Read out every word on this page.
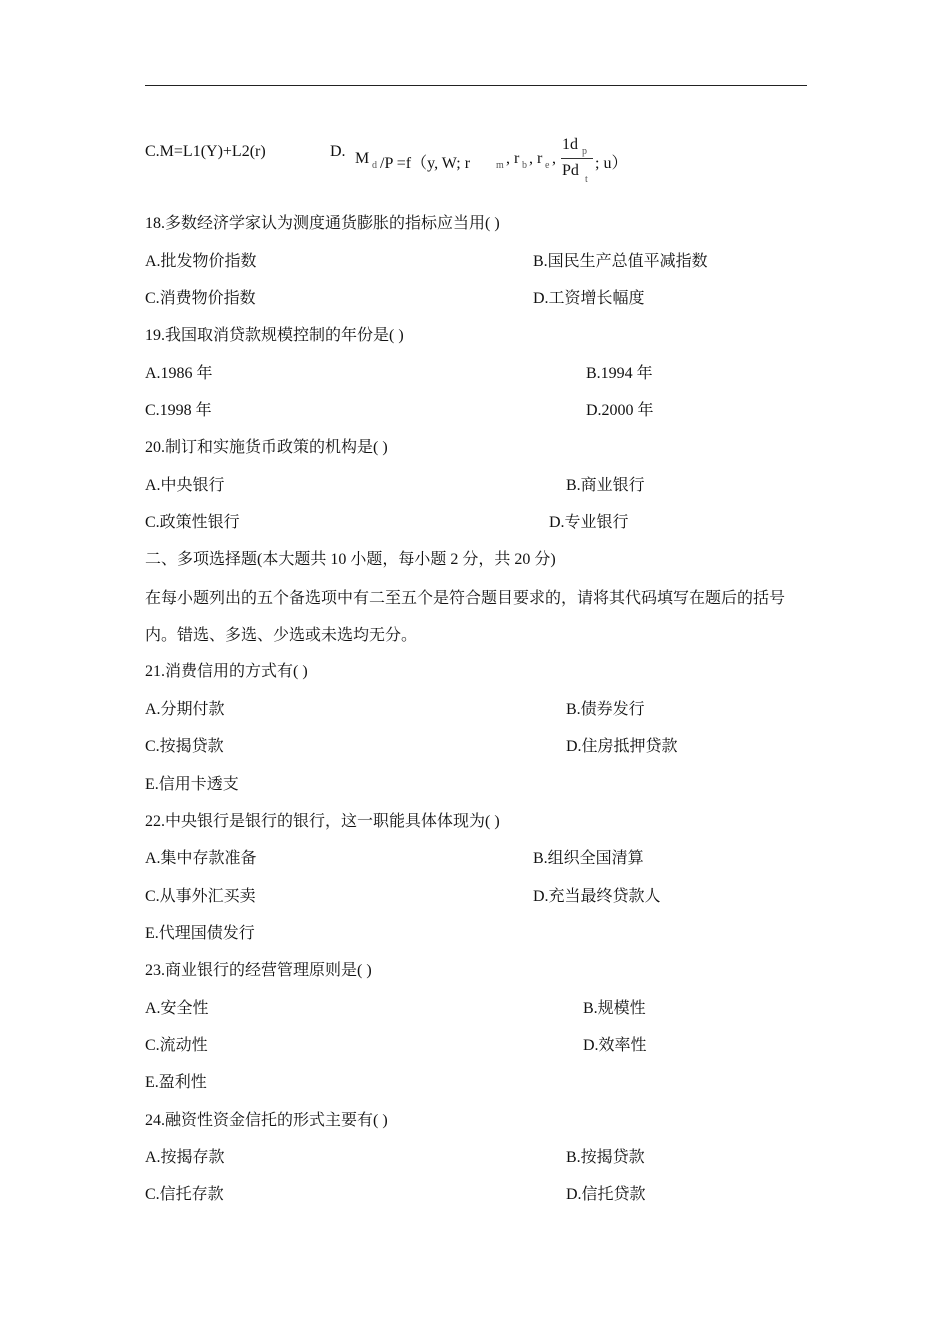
C.M=L1(Y)+L2(r)	D. M d /P =f（y, W; r	m , r b , r e ,
1d p
Pd
t
; u）
18.多数经济学家认为测度通货膨胀的指标应当用( )
A.批发物价指数	B.国民生产总值平减指数
C.消费物价指数	D.工资增长幅度
19.我国取消贷款规模控制的年份是( )
A.1986 年	B.1994 年
C.1998 年	D.2000 年
20.制订和实施货币政策的机构是( )
A.中央银行	B.商业银行
C.政策性银行	D.专业银行
二、多项选择题(本大题共 10 小题，每小题 2 分，共 20 分)
在每小题列出的五个备选项中有二至五个是符合题目要求的，请将其代码填写在题后的括号内。错选、多选、少选或未选均无分。
21.消费信用的方式有( )
A.分期付款	B.债券发行
C.按揭贷款	D.住房抵押贷款
E.信用卡透支
22.中央银行是银行的银行，这一职能具体体现为( )
A.集中存款准备	B.组织全国清算
C.从事外汇买卖	D.充当最终贷款人
E.代理国债发行
23.商业银行的经营管理原则是( )
A.安全性	B.规模性
C.流动性	D.效率性
E.盈利性
24.融资性资金信托的形式主要有( )
A.按揭存款	B.按揭贷款
C.信托存款	D.信托贷款
